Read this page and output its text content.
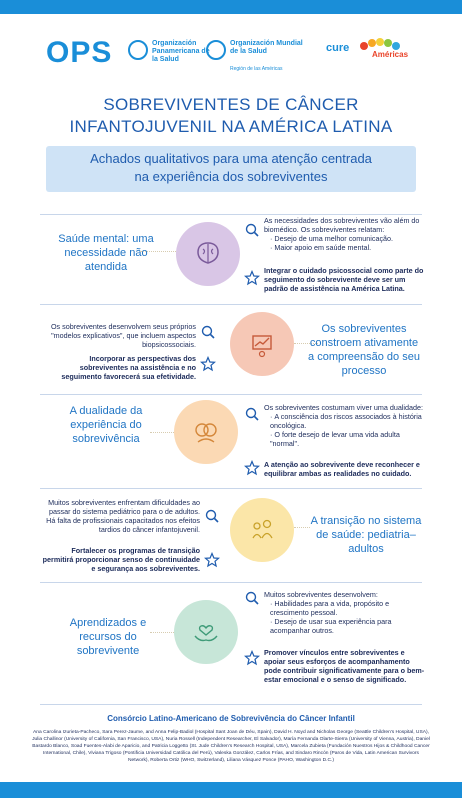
OPS	Organización Panamericana de la Salud
Organización Mundial de la Salud
Región de las Américas
cure
Américas
SOBREVIVENTES DE CÂNCER
INFANTOJUVENIL NA AMÉRICA LATINA
Achados qualitativos para uma atenção centrada
na experiência dos sobreviventes
Saúde mental: uma necessidade não atendida
As necessidades dos sobreviventes vão além do biomédico. Os sobreviventes relatam:
· Desejo de uma melhor comunicação.
· Maior apoio em saúde mental.
Integrar o cuidado psicossocial como parte do seguimento do sobrevivente deve ser um padrão de assistência na América Latina.
Os sobreviventes desenvolvem seus próprios "modelos explicativos", que incluem aspectos biopsicossociais.
Incorporar as perspectivas dos sobreviventes na assistência e no seguimento favorecerá sua efetividade.
Os sobreviventes constroem ativamente a compreensão do seu processo
A dualidade da experiência do sobrevivência
Os sobreviventes costumam viver uma dualidade:
· A consciência dos riscos associados à história oncológica.
· O forte desejo de levar uma vida adulta "normal".
A atenção ao sobrevivente deve reconhecer e equilibrar ambas as realidades no cuidado.
Muitos sobreviventes enfrentam dificuldades ao passar do sistema pediátrico para o de adultos. Há falta de profissionais capacitados nos efeitos tardios do câncer infantojuvenil.
Fortalecer os programas de transição permitirá proporcionar senso de continuidade e segurança aos sobreviventes.
A transição no sistema de saúde: pediatria–adultos
Aprendizados e recursos do sobrevivente
Muitos sobreviventes desenvolvem:
· Habilidades para a vida, propósito e crescimento pessoal.
· Desejo de usar sua experiência para acompanhar outros.
Promover vínculos entre sobreviventes e apoiar seus esforços de acompanhamento pode contribuir significativamente para o bem-estar emocional e o senso de significado.
Consórcio Latino-Americano de Sobrevivência do Câncer Infantil
Ana Carolina Izurieta-Pacheco, Sara Perez-Jaume, and Anna Felip-Badiol (Hospital Sant Joan de Déu, Spain), David H. Noyd and Nicholas George (Seattle Children's Hospital, USA), Julia Challinor (University of California, San Francisco, USA), Nuria Rossell (Independent Researcher, El Salvador), María Fernanda Olarte-Sierra (University of Vienna, Austria), Daniel Bastardo Blanco, Soad Fuentes-Alabi de Aparicio, and Patricia Loggetto (St. Jude Children's Research Hospital, USA), Marcela Zubieta (Fundación Nuestros Hijos & Childhood Cancer International, Chile), Viviana Trigoso (Pontificia Universidad Católica del Perú), Valeska González, Carlos Frías, and Sindaro Rincón (Paros de Vida, Latin American Survivors Network), Roberta Ortiz (WHO, Switzerland), Liliana Vásquez Ponce (PAHO, Washington D.C.)
